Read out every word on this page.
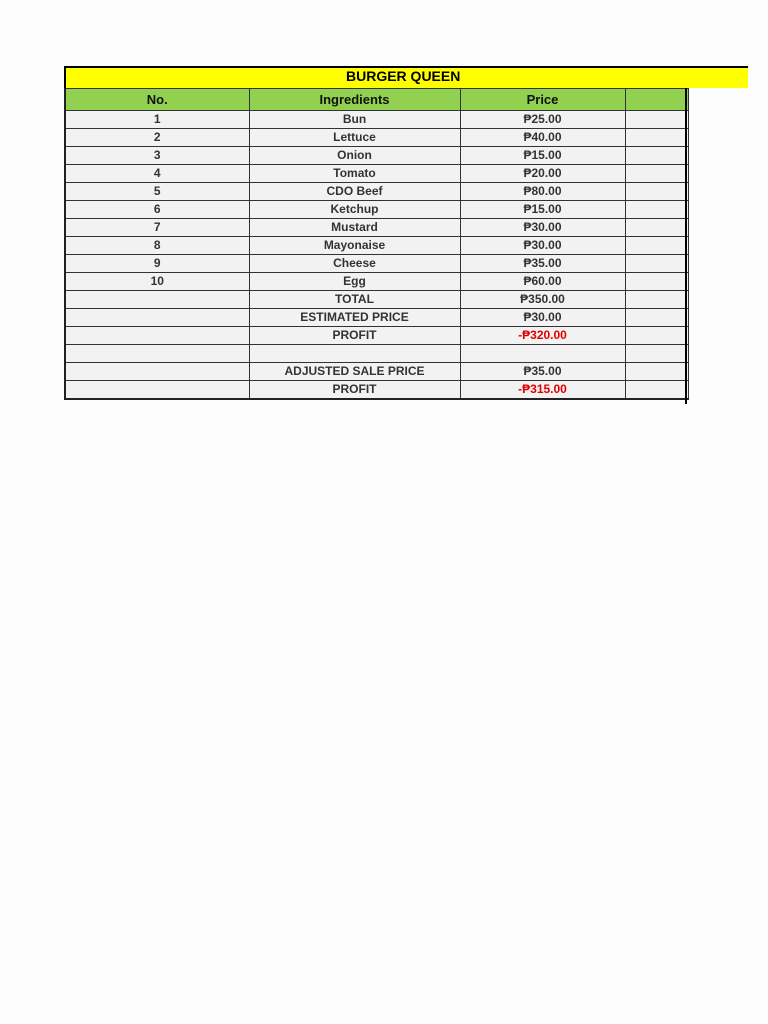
BURGER QUEEN
No.	Ingredients	Price	
1	Bun	₱25.00	
2	Lettuce	₱40.00	
3	Onion	₱15.00	
4	Tomato	₱20.00	
5	CDO Beef	₱80.00	
6	Ketchup	₱15.00	
7	Mustard	₱30.00	
8	Mayonaise	₱30.00	
9	Cheese	₱35.00	
10	Egg	₱60.00	
	TOTAL	₱350.00	
	ESTIMATED PRICE	₱30.00	
	PROFIT	-₱320.00	

	ADJUSTED SALE PRICE	₱35.00	
	PROFIT	-₱315.00	
